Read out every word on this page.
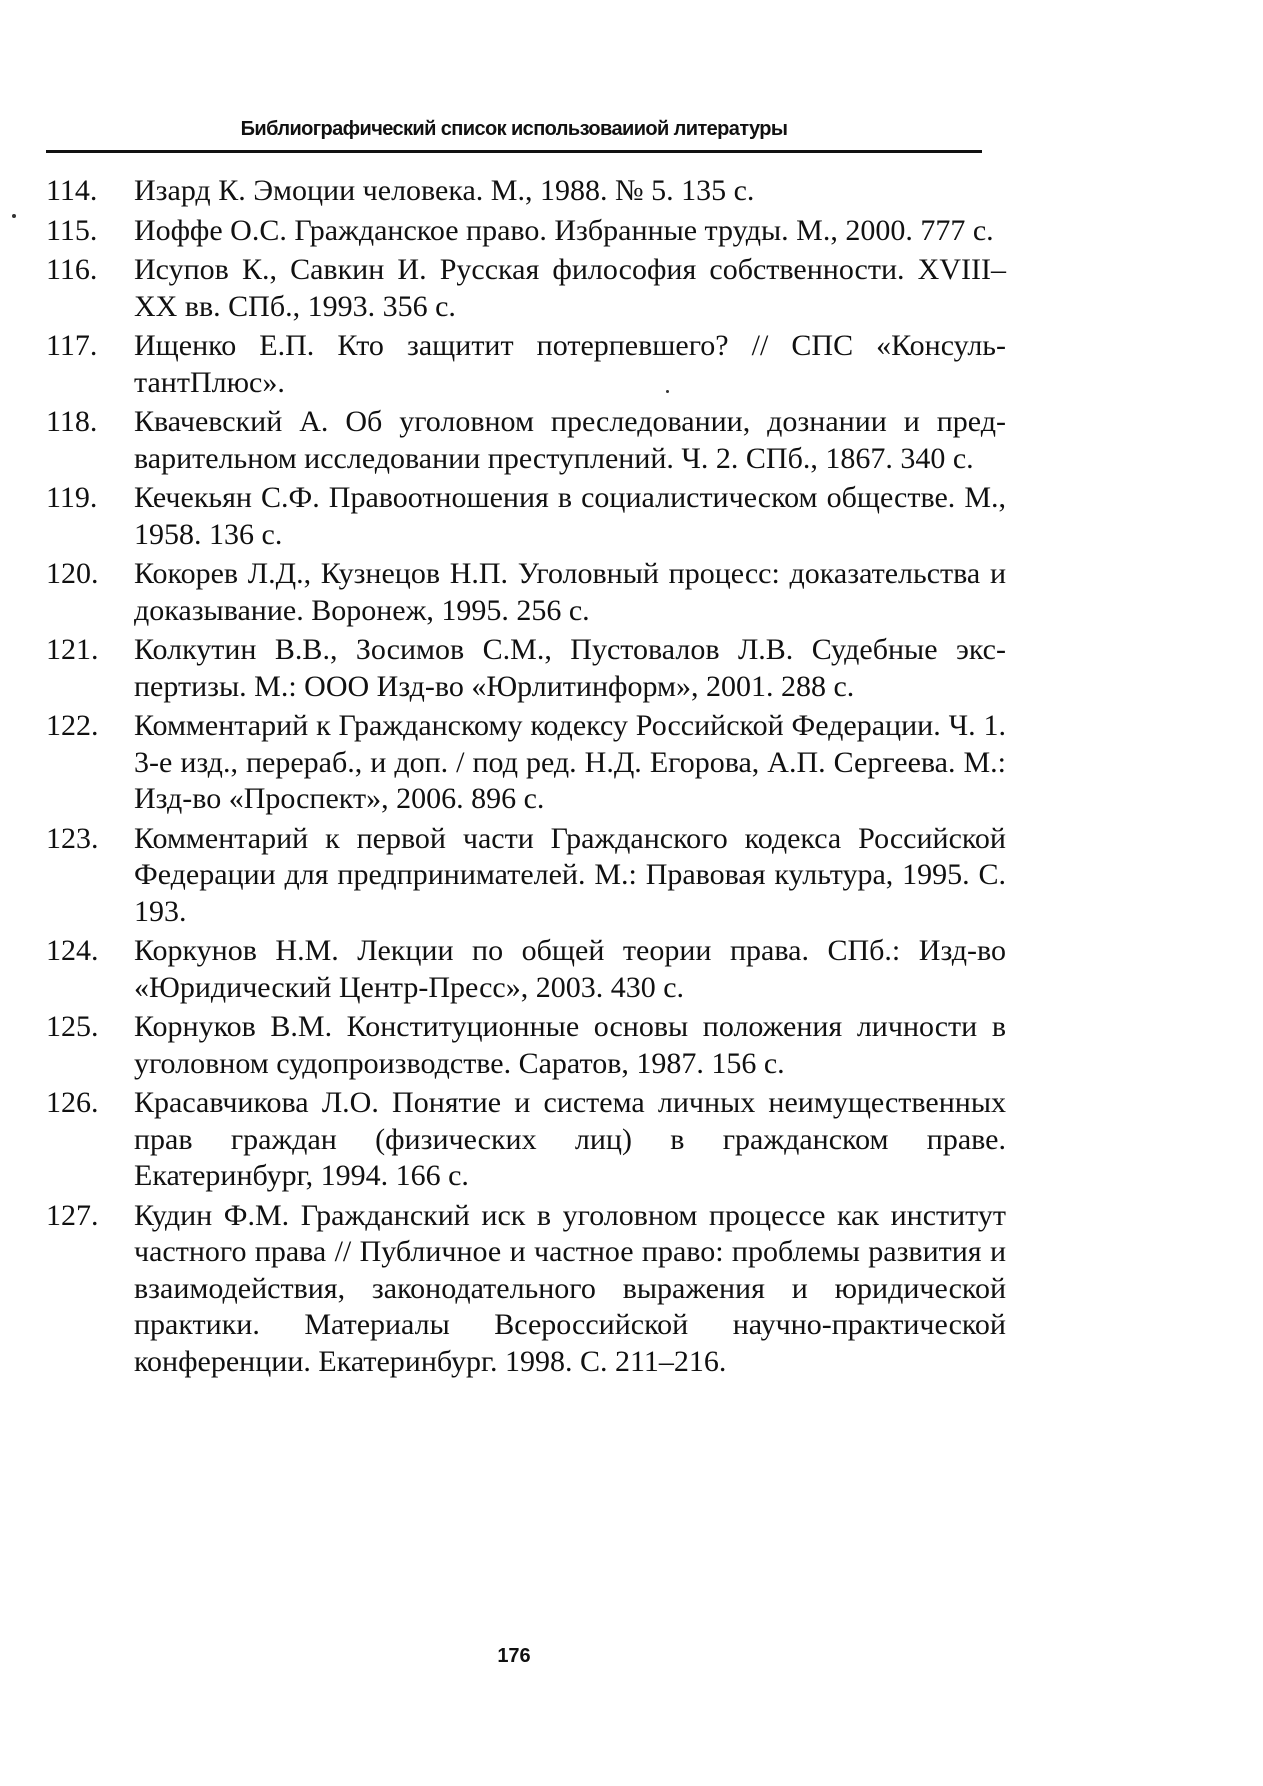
Библиографический список использоваииой литературы
114.	Изард К. Эмоции человека. М., 1988. № 5. 135 с.
115.	Иоффе О.С. Гражданское право. Избранные труды. М., 2000. 777 с.
116.	Исупов К., Савкин И. Русская философия собственности. XVIII–XX вв. СПб., 1993. 356 с.
117.	Ищенко Е.П. Кто защитит потерпевшего? // СПС «КонсультантПлюс».
118.	Квачевский А. Об уголовном преследовании, дознании и предварительном исследовании преступлений. Ч. 2. СПб., 1867. 340 с.
119.	Кечекьян С.Ф. Правоотношения в социалистическом обществе. М., 1958. 136 с.
120.	Кокорев Л.Д., Кузнецов Н.П. Уголовный процесс: доказательства и доказывание. Воронеж, 1995. 256 с.
121.	Колкутин В.В., Зосимов С.М., Пустовалов Л.В. Судебные экспертизы. М.: ООО Изд-во «Юрлитинформ», 2001. 288 с.
122.	Комментарий к Гражданскому кодексу Российской Федерации. Ч. 1. 3-е изд., перераб., и доп. / под ред. Н.Д. Егорова, А.П. Сергеева. М.: Изд-во «Проспект», 2006. 896 с.
123.	Комментарий к первой части Гражданского кодекса Российской Федерации для предпринимателей. М.: Правовая культура, 1995. С. 193.
124.	Коркунов Н.М. Лекции по общей теории права. СПб.: Изд-во «Юридический Центр-Пресс», 2003. 430 с.
125.	Корнуков В.М. Конституционные основы положения личности в уголовном судопроизводстве. Саратов, 1987. 156 с.
126.	Красавчикова Л.О. Понятие и система личных неимущественных прав граждан (физических лиц) в гражданском праве. Екатеринбург, 1994. 166 с.
127.	Кудин Ф.М. Гражданский иск в уголовном процессе как институт частного права // Публичное и частное право: проблемы развития и взаимодействия, законодательного выражения и юридической практики. Материалы Всероссийской научно-практической конференции. Екатеринбург. 1998. С. 211–216.
176
